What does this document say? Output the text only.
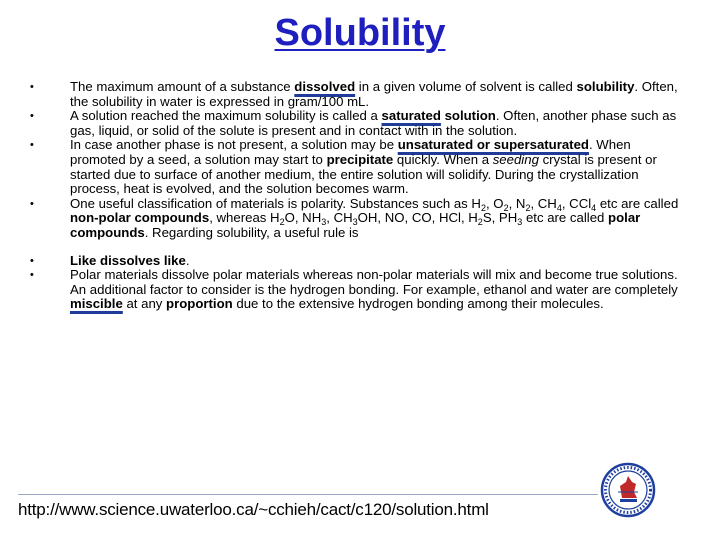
Solubility
•	The maximum amount of a substance dissolved in a given volume of solvent is called solubility. Often, the solubility in water is expressed in gram/100 mL.
•	A solution reached the maximum solubility is called a saturated solution. Often, another phase such as gas, liquid, or solid of the solute is present and in contact with in the solution.
•	In case another phase is not present, a solution may be unsaturated or supersaturated. When promoted by a seed, a solution may start to precipitate quickly. When a seeding crystal is present or started due to surface of another medium, the entire solution will solidify. During the crystallization process, heat is evolved, and the solution becomes warm.
•	One useful classification of materials is polarity. Substances such as $H_2$, $O_2$, $N_2$, $CH_4$, CCl$_4$ etc are called non-polar compounds, whereas $H_2O$, $NH_3$, $CH_3OH$, NO, CO, HCl, $H_2S$, $PH_3$ etc are called polar compounds. Regarding solubility, a useful rule is
•	Like dissolves like.
•	Polar materials dissolve polar materials whereas non-polar materials will mix and become true solutions. An additional factor to consider is the hydrogen bonding. For example, ethanol and water are completely miscible at any proportion due to the extensive hydrogen bonding among their molecules.
http://www.science.uwaterloo.ca/~cchieh/cact/c120/solution.html
